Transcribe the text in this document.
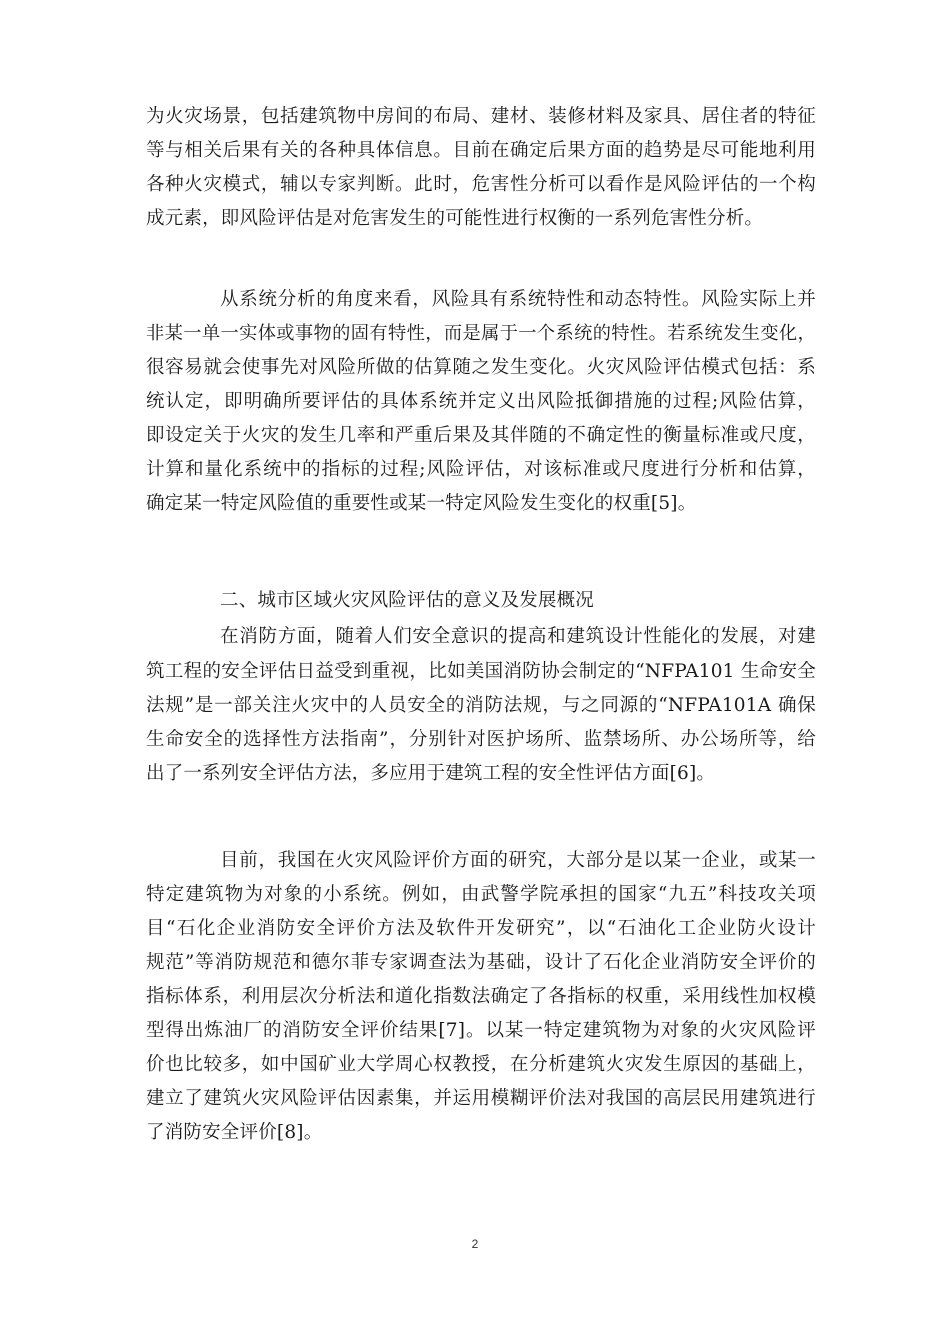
为火灾场景，包括建筑物中房间的布局、建材、装修材料及家具、居住者的特征
等与相关后果有关的各种具体信息。目前在确定后果方面的趋势是尽可能地利用
各种火灾模式，辅以专家判断。此时，危害性分析可以看作是风险评估的一个构
成元素，即风险评估是对危害发生的可能性进行权衡的一系列危害性分析。
从系统分析的角度来看，风险具有系统特性和动态特性。风险实际上并
非某一单一实体或事物的固有特性，而是属于一个系统的特性。若系统发生变化，
很容易就会使事先对风险所做的估算随之发生变化。火灾风险评估模式包括：系
统认定，即明确所要评估的具体系统并定义出风险抵御措施的过程;风险估算，
即设定关于火灾的发生几率和严重后果及其伴随的不确定性的衡量标准或尺度，
计算和量化系统中的指标的过程;风险评估，对该标准或尺度进行分析和估算，
确定某一特定风险值的重要性或某一特定风险发生变化的权重[5]。
二、城市区域火灾风险评估的意义及发展概况
在消防方面，随着人们安全意识的提高和建筑设计性能化的发展，对建
筑工程的安全评估日益受到重视，比如美国消防协会制定的“NFPA101 生命安全
法规”是一部关注火灾中的人员安全的消防法规，与之同源的“NFPA101A 确保
生命安全的选择性方法指南”，分别针对医护场所、监禁场所、办公场所等，给
出了一系列安全评估方法，多应用于建筑工程的安全性评估方面[6]。
目前，我国在火灾风险评价方面的研究，大部分是以某一企业，或某一
特定建筑物为对象的小系统。例如，由武警学院承担的国家“九五”科技攻关项
目“石化企业消防安全评价方法及软件开发研究”，以“石油化工企业防火设计
规范”等消防规范和德尔菲专家调查法为基础，设计了石化企业消防安全评价的
指标体系，利用层次分析法和道化指数法确定了各指标的权重，采用线性加权模
型得出炼油厂的消防安全评价结果[7]。以某一特定建筑物为对象的火灾风险评
价也比较多，如中国矿业大学周心权教授，在分析建筑火灾发生原因的基础上，
建立了建筑火灾风险评估因素集，并运用模糊评价法对我国的高层民用建筑进行
了消防安全评价[8]。
2
